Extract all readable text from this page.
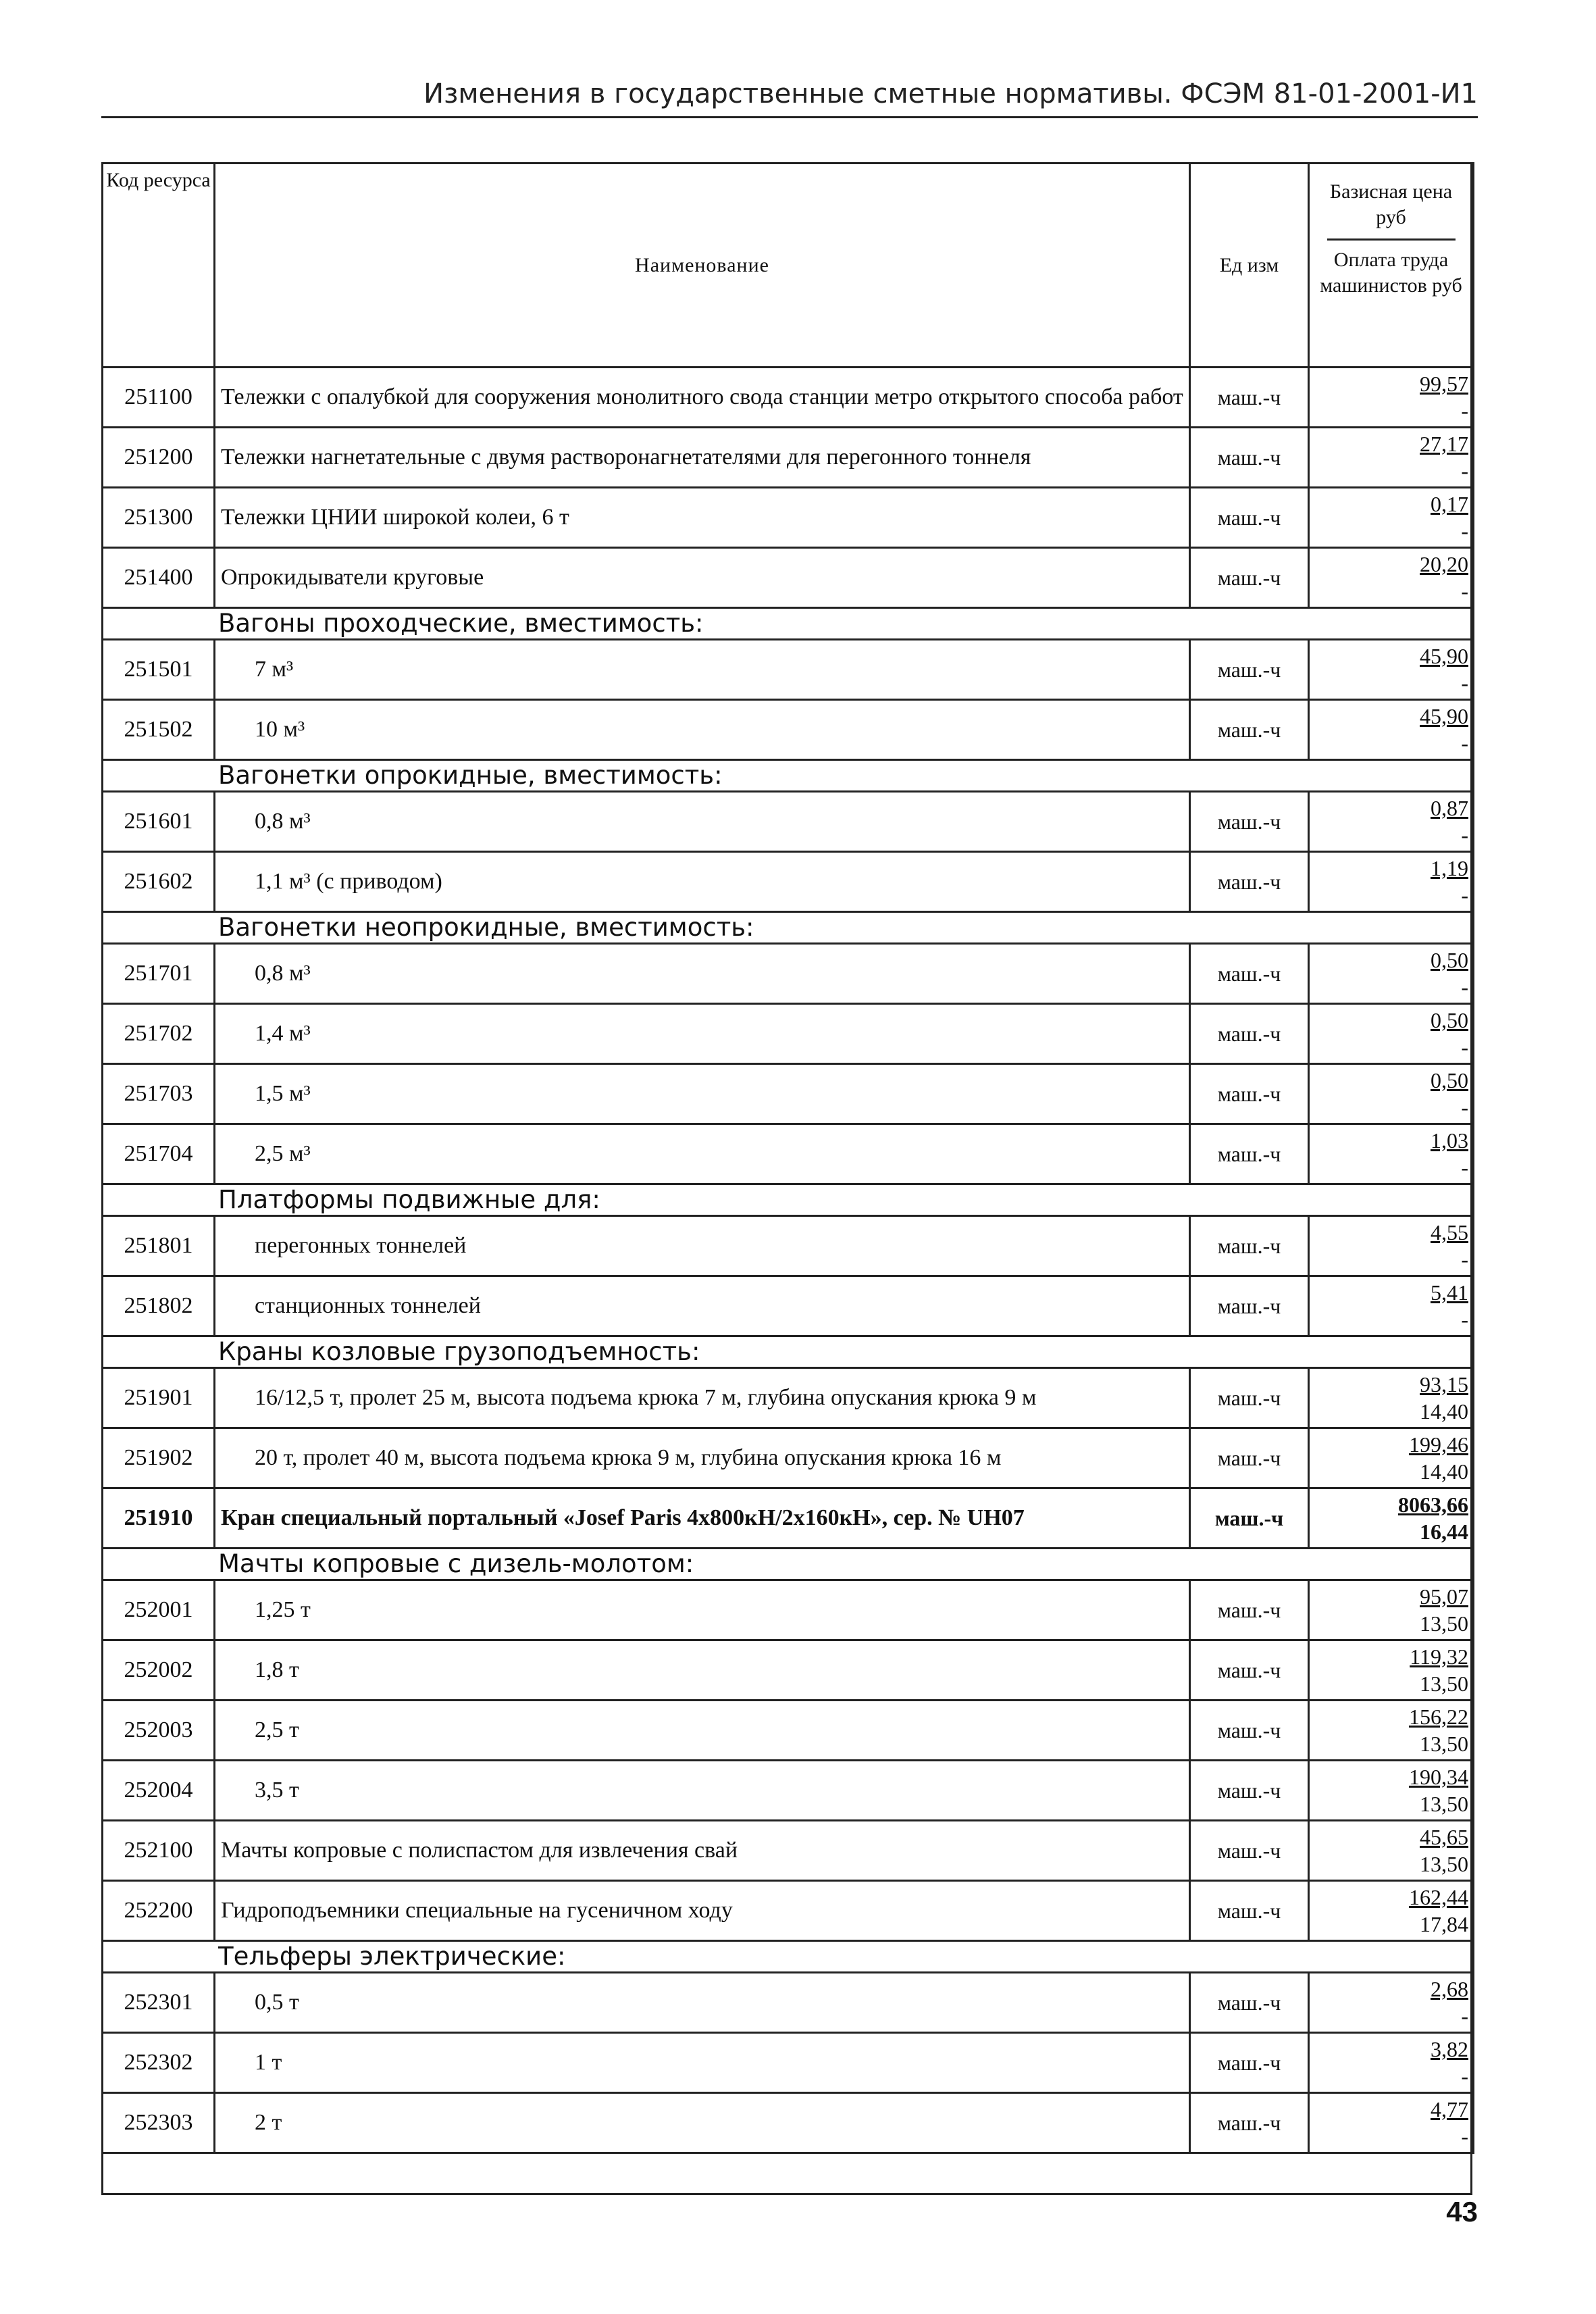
Изменения в государственные сметные нормативы. ФСЭМ 81-01-2001-И1
Код ресурса	Наименование	Ед изм	Базисная цена руб
Оплата труда машинистов руб

251100	Тележки с опалубкой для сооружения монолитного свода станции метро открытого способа работ	маш.-ч	99,57
-

251200	Тележки нагнетательные с двумя растворонагнетателями для перегонного тоннеля	маш.-ч	27,17
-

251300	Тележки ЦНИИ широкой колеи, 6 т	маш.-ч	0,17
-

251400	Опрокидыватели круговые	маш.-ч	20,20
-

Вагоны проходческие, вместимость:			
251501	7 м³	маш.-ч	45,90
-

251502	10 м³	маш.-ч	45,90
-

Вагонетки опрокидные, вместимость:			
251601	0,8 м³	маш.-ч	0,87
-

251602	1,1 м³ (с приводом)	маш.-ч	1,19
-

Вагонетки неопрокидные, вместимость:			
251701	0,8 м³	маш.-ч	0,50
-

251702	1,4 м³	маш.-ч	0,50
-

251703	1,5 м³	маш.-ч	0,50
-

251704	2,5 м³	маш.-ч	1,03
-

Платформы подвижные для:			
251801	перегонных тоннелей	маш.-ч	4,55
-

251802	станционных тоннелей	маш.-ч	5,41
-

Краны козловые грузоподъемность:			
251901	16/12,5 т, пролет 25 м, высота подъема крюка 7 м, глубина опускания крюка 9 м	маш.-ч	93,15
14,40

251902	20 т, пролет 40 м, высота подъема крюка 9 м, глубина опускания крюка 16 м	маш.-ч	199,46
14,40

251910	Кран специальный портальный «Josef Paris 4x800кН/2x160кН», сер. № UH07	маш.-ч	8063,66
16,44

Мачты копровые с дизель-молотом:			
252001	1,25 т	маш.-ч	95,07
13,50

252002	1,8 т	маш.-ч	119,32
13,50

252003	2,5 т	маш.-ч	156,22
13,50

252004	3,5 т	маш.-ч	190,34
13,50

252100	Мачты копровые с полиспастом для извлечения свай	маш.-ч	45,65
13,50

252200	Гидроподъемники специальные на гусеничном ходу	маш.-ч	162,44
17,84

Тельферы электрические:			
252301	0,5 т	маш.-ч	2,68
-

252302	1 т	маш.-ч	3,82
-

252303	2 т	маш.-ч	4,77
-
43
